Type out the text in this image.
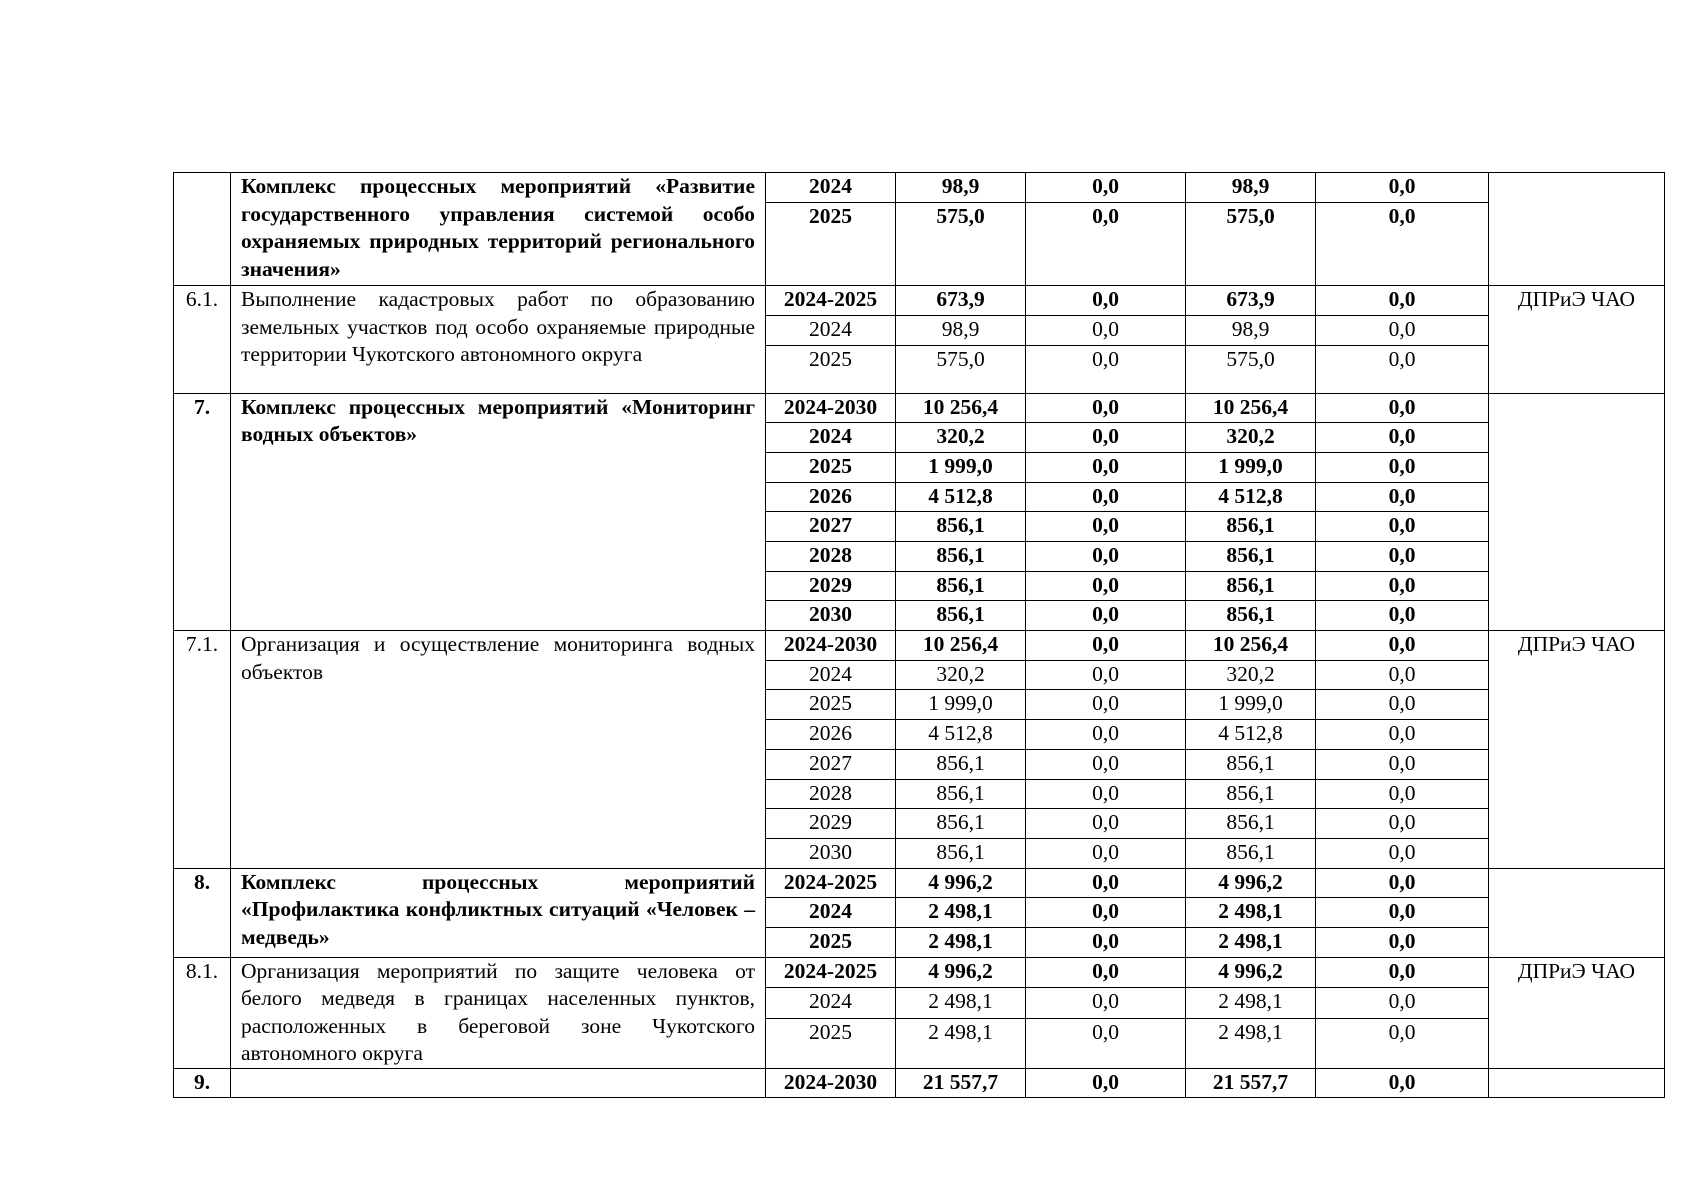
	Комплекс процессных мероприятий «Развитие государственного управления системой особо охраняемых природных территорий регионального значения»	2024	98,9	0,0	98,9	0,0	
		2025	575,0	0,0	575,0	0,0	
6.1.	Выполнение кадастровых работ по образованию земельных участков под особо охраняемые природные территории Чукотского автономного округа	2024-2025	673,9	0,0	673,9	0,0	ДПРиЭ ЧАО
		2024	98,9	0,0	98,9	0,0	
		2025	575,0	0,0	575,0	0,0	
7.	Комплекс процессных мероприятий «Мониторинг водных объектов»	2024-2030	10 256,4	0,0	10 256,4	0,0	
		2024	320,2	0,0	320,2	0,0	
		2025	1 999,0	0,0	1 999,0	0,0	
		2026	4 512,8	0,0	4 512,8	0,0	
		2027	856,1	0,0	856,1	0,0	
		2028	856,1	0,0	856,1	0,0	
		2029	856,1	0,0	856,1	0,0	
		2030	856,1	0,0	856,1	0,0	
7.1.	Организация и осуществление мониторинга водных объектов	2024-2030	10 256,4	0,0	10 256,4	0,0	ДПРиЭ ЧАО
		2024	320,2	0,0	320,2	0,0	
		2025	1 999,0	0,0	1 999,0	0,0	
		2026	4 512,8	0,0	4 512,8	0,0	
		2027	856,1	0,0	856,1	0,0	
		2028	856,1	0,0	856,1	0,0	
		2029	856,1	0,0	856,1	0,0	
		2030	856,1	0,0	856,1	0,0	
8.	Комплекс процессных мероприятий «Профилактика конфликтных ситуаций «Человек – медведь»	2024-2025	4 996,2	0,0	4 996,2	0,0	
		2024	2 498,1	0,0	2 498,1	0,0	
		2025	2 498,1	0,0	2 498,1	0,0	
8.1.	Организация мероприятий по защите человека от белого медведя в границах населенных пунктов, расположенных в береговой зоне Чукотского автономного округа	2024-2025	4 996,2	0,0	4 996,2	0,0	ДПРиЭ ЧАО
		2024	2 498,1	0,0	2 498,1	0,0	
		2025	2 498,1	0,0	2 498,1	0,0	
9.		2024-2030	21 557,7	0,0	21 557,7	0,0	
